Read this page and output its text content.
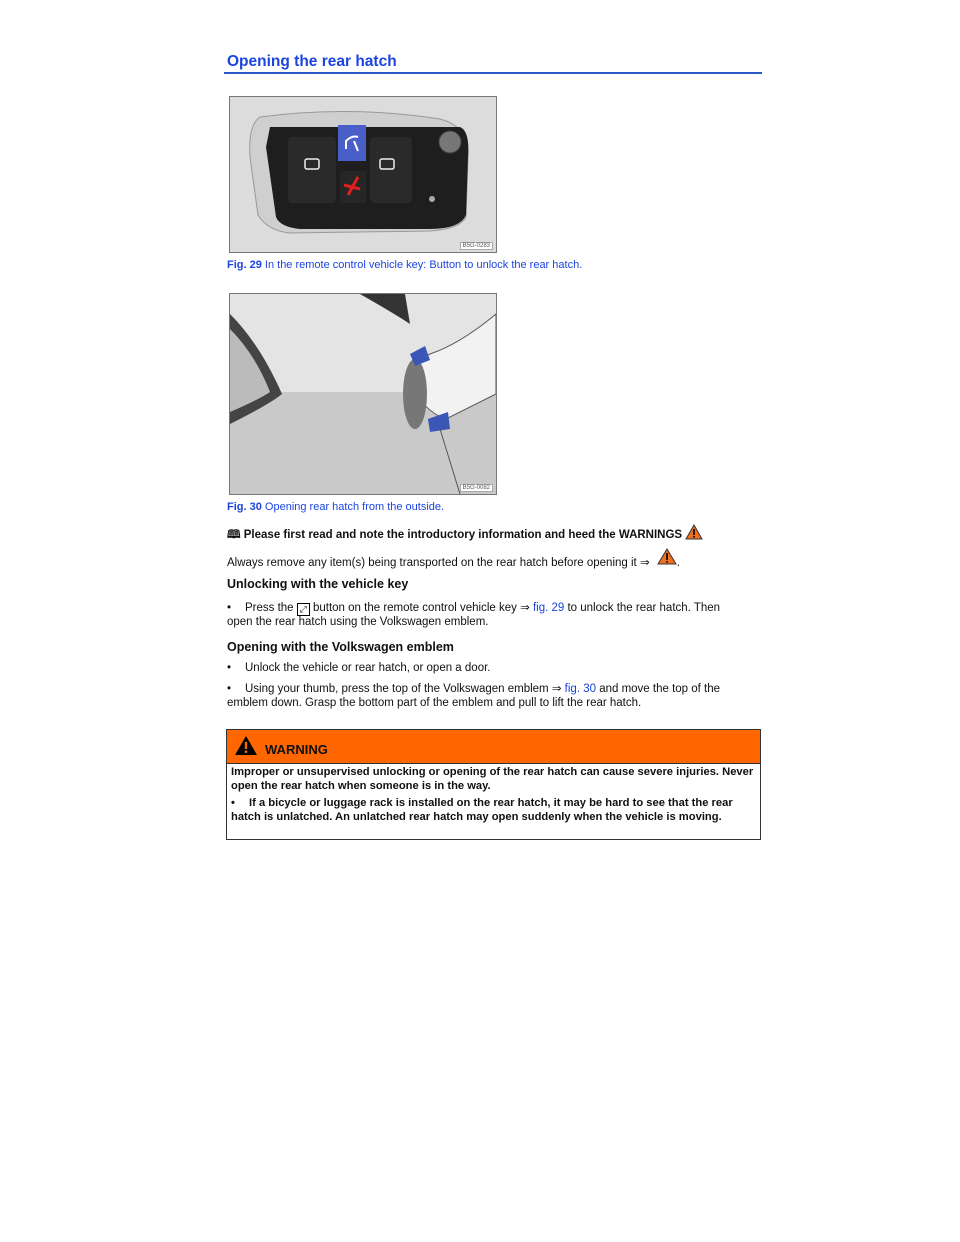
Opening the rear hatch
B5G-0283
Fig. 29 In the remote control vehicle key: Button to unlock the rear hatch.
B5G-0082
Fig. 30 Opening rear hatch from the outside.
🕮 Please first read and note the introductory information and heed the WARNINGS
Always remove any item(s) being transported on the rear hatch before opening it ⇒ .
Unlocking with the vehicle key
• Press the ⤢ button on the remote control vehicle key ⇒ fig. 29 to unlock the rear hatch. Then open the rear hatch using the Volkswagen emblem.
Opening with the Volkswagen emblem
• Unlock the vehicle or rear hatch, or open a door.
• Using your thumb, press the top of the Volkswagen emblem ⇒ fig. 30 and move the top of the emblem down. Grasp the bottom part of the emblem and pull to lift the rear hatch.
WARNING
Improper or unsupervised unlocking or opening of the rear hatch can cause severe injuries. Never open the rear hatch when someone is in the way.
• If a bicycle or luggage rack is installed on the rear hatch, it may be hard to see that the rear hatch is unlatched. An unlatched rear hatch may open suddenly when the vehicle is moving.
